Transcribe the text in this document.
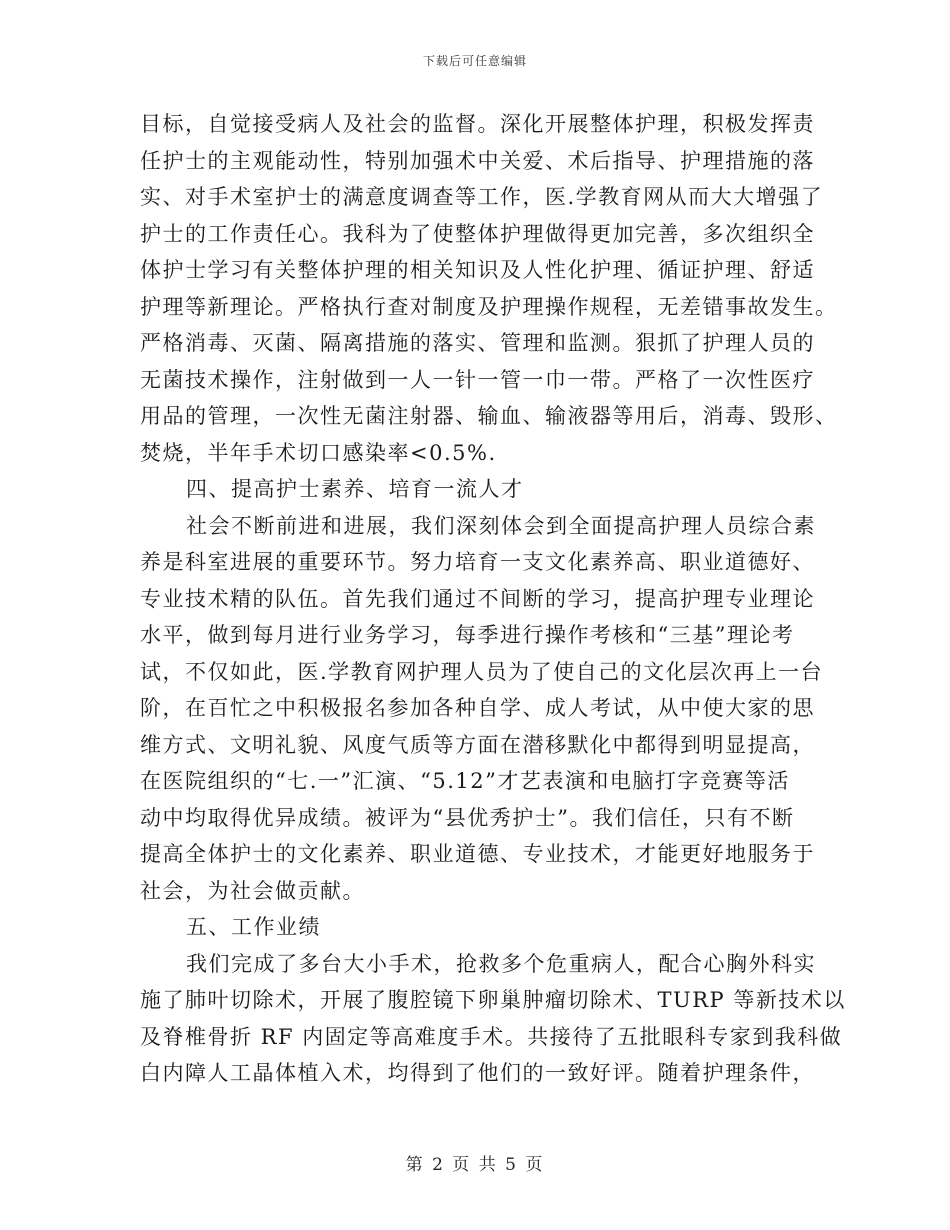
下载后可任意编辑
目标，自觉接受病人及社会的监督。深化开展整体护理，积极发挥责
任护士的主观能动性，特别加强术中关爱、术后指导、护理措施的落
实、对手术室护士的满意度调查等工作，医.学教育网从而大大增强了
护士的工作责任心。我科为了使整体护理做得更加完善，多次组织全
体护士学习有关整体护理的相关知识及人性化护理、循证护理、舒适
护理等新理论。严格执行查对制度及护理操作规程，无差错事故发生。
严格消毒、灭菌、隔离措施的落实、管理和监测。狠抓了护理人员的
无菌技术操作，注射做到一人一针一管一巾一带。严格了一次性医疗
用品的管理，一次性无菌注射器、输血、输液器等用后，消毒、毁形、
焚烧，半年手术切口感染率<0.5%.
四、提高护士素养、培育一流人才
社会不断前进和进展，我们深刻体会到全面提高护理人员综合素
养是科室进展的重要环节。努力培育一支文化素养高、职业道德好、
专业技术精的队伍。首先我们通过不间断的学习，提高护理专业理论
水平，做到每月进行业务学习，每季进行操作考核和“三基”理论考
试，不仅如此，医.学教育网护理人员为了使自己的文化层次再上一台
阶，在百忙之中积极报名参加各种自学、成人考试，从中使大家的思
维方式、文明礼貌、风度气质等方面在潜移默化中都得到明显提高，
在医院组织的“七.一”汇演、“5.12”才艺表演和电脑打字竞赛等活
动中均取得优异成绩。被评为“县优秀护士”。我们信任，只有不断
提高全体护士的文化素养、职业道德、专业技术，才能更好地服务于
社会，为社会做贡献。
五、工作业绩
我们完成了多台大小手术，抢救多个危重病人，配合心胸外科实
施了肺叶切除术，开展了腹腔镜下卵巢肿瘤切除术、TURP 等新技术以
及脊椎骨折 RF 内固定等高难度手术。共接待了五批眼科专家到我科做
白内障人工晶体植入术，均得到了他们的一致好评。随着护理条件，
第 2 页 共 5 页
